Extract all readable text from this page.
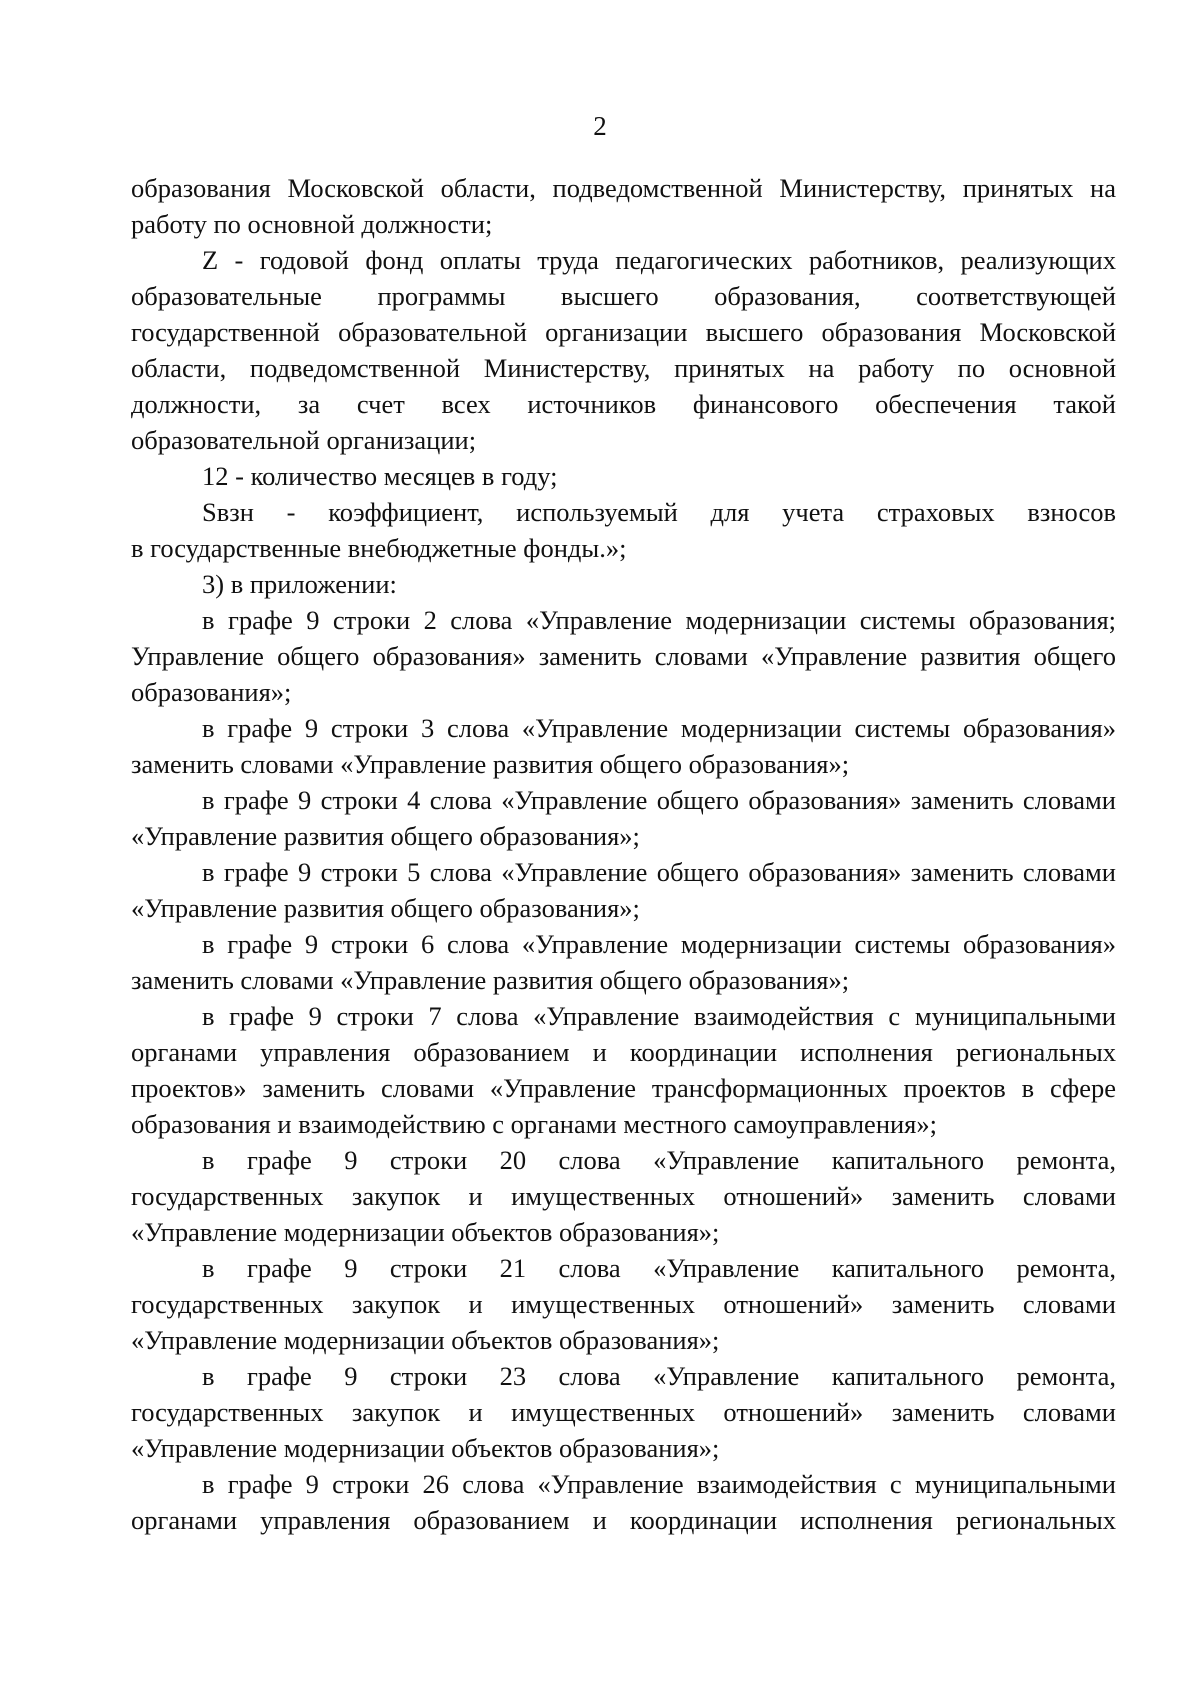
2
образования Московской области, подведомственной Министерству, принятых на
работу по основной должности;
Z - годовой фонд оплаты труда педагогических работников, реализующих
образовательные программы высшего образования, соответствующей
государственной образовательной организации высшего образования Московской
области, подведомственной Министерству, принятых на работу по основной
должности, за счет всех источников финансового обеспечения такой
образовательной организации;
12 - количество месяцев в году;
Sвзн - коэффициент, используемый для учета страховых взносов
в государственные внебюджетные фонды.»;
3) в приложении:
в графе 9 строки 2 слова «Управление модернизации системы образования;
Управление общего образования» заменить словами «Управление развития общего
образования»;
в графе 9 строки 3 слова «Управление модернизации системы образования»
заменить словами «Управление развития общего образования»;
в графе 9 строки 4 слова «Управление общего образования» заменить словами
«Управление развития общего образования»;
в графе 9 строки 5 слова «Управление общего образования» заменить словами
«Управление развития общего образования»;
в графе 9 строки 6 слова «Управление модернизации системы образования»
заменить словами «Управление развития общего образования»;
в графе 9 строки 7 слова «Управление взаимодействия с муниципальными
органами управления образованием и координации исполнения региональных
проектов» заменить словами «Управление трансформационных проектов в сфере
образования и взаимодействию с органами местного самоуправления»;
в графе 9 строки 20 слова «Управление капитального ремонта,
государственных закупок и имущественных отношений» заменить словами
«Управление модернизации объектов образования»;
в графе 9 строки 21 слова «Управление капитального ремонта,
государственных закупок и имущественных отношений» заменить словами
«Управление модернизации объектов образования»;
в графе 9 строки 23 слова «Управление капитального ремонта,
государственных закупок и имущественных отношений» заменить словами
«Управление модернизации объектов образования»;
в графе 9 строки 26 слова «Управление взаимодействия с муниципальными
органами управления образованием и координации исполнения региональных
